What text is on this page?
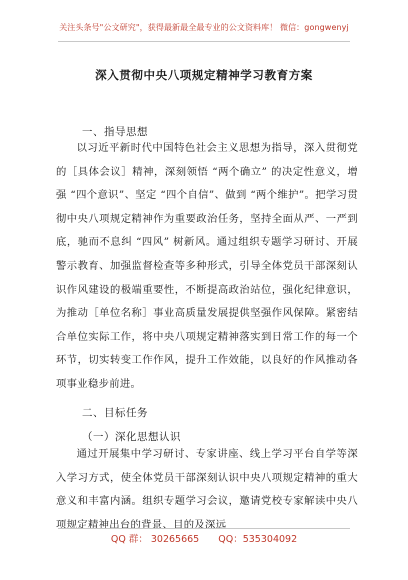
关注头条号"公文研究"，获得最新最全最专业的公文资料库！ 微信：gongwenyj
深入贯彻中央八项规定精神学习教育方案
一、指导思想

以习近平新时代中国特色社会主义思想为指导，深入贯彻党的［具体会议］精神，深刻领悟 “两个确立” 的决定性意义，增强 “四个意识”、坚定 “四个自信”、做到 “两个维护”。把学习贯彻中央八项规定精神作为重要政治任务，坚持全面从严、一严到底，驰而不息纠 “四风” 树新风。通过组织专题学习研讨、开展警示教育、加强监督检查等多种形式，引导全体党员干部深刻认识作风建设的极端重要性，不断提高政治站位，强化纪律意识，为推动［单位名称］事业高质量发展提供坚强作风保障。紧密结合单位实际工作，将中央八项规定精神落实到日常工作的每一个环节，切实转变工作作风，提升工作效能，以良好的作风推动各项事业稳步前进。

二、目标任务
（一）深化思想认识

通过开展集中学习研讨、专家讲座、线上学习平台自学等深入学习方式，使全体党员干部深刻认识中央八项规定精神的重大意义和丰富内涵。组织专题学习会议，邀请党校专家解读中央八项规定精神出台的背景、目的及深远

QQ 群： 30265665 QQ：535304092
